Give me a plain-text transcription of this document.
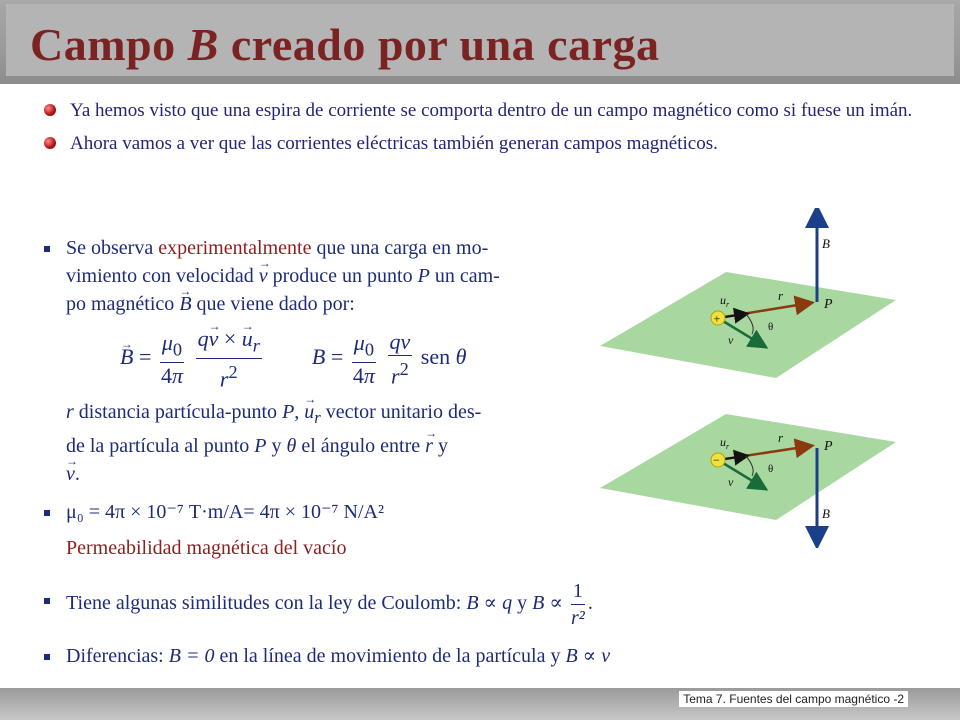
Campo B creado por una carga
Ya hemos visto que una espira de corriente se comporta dentro de un campo magnético como si fuese un imán.
Ahora vamos a ver que las corrientes eléctricas también generan campos magnéticos.
Se observa experimentalmente que una carga en mo-
vimiento con velocidad → v produce un punto P un cam-
po magnético → B que viene dado por:
→ $B = \frac{\mu_0}{4\pi}$
$\frac{q\to v \times \to u_r}{r^2}$ $B = \frac{\mu_0}{4\pi}$
$\frac{qv}{r^2}$ sen θ
r distancia partícula-punto P, → $u_r$ vector unitario des-
de la partícula al punto P y θ el ángulo entre → r y
→ v.
μ₀ = 4π × 10⁻⁷ T·m/A= 4π × 10⁻⁷ N/A²
Permeabilidad magnética del vacío
Tiene algunas similitudes con la ley de Coulomb: B ∝ q y $B \propto \frac{1}{\text{r²}}$ .
Diferencias: B = 0 en la línea de movimiento de la partícula y B ∝ v
B
r
$u_r$
v
θ
+
P
B
r
$u_r$
v
θ
−
P
Tema 7. Fuentes del campo magnético -2
